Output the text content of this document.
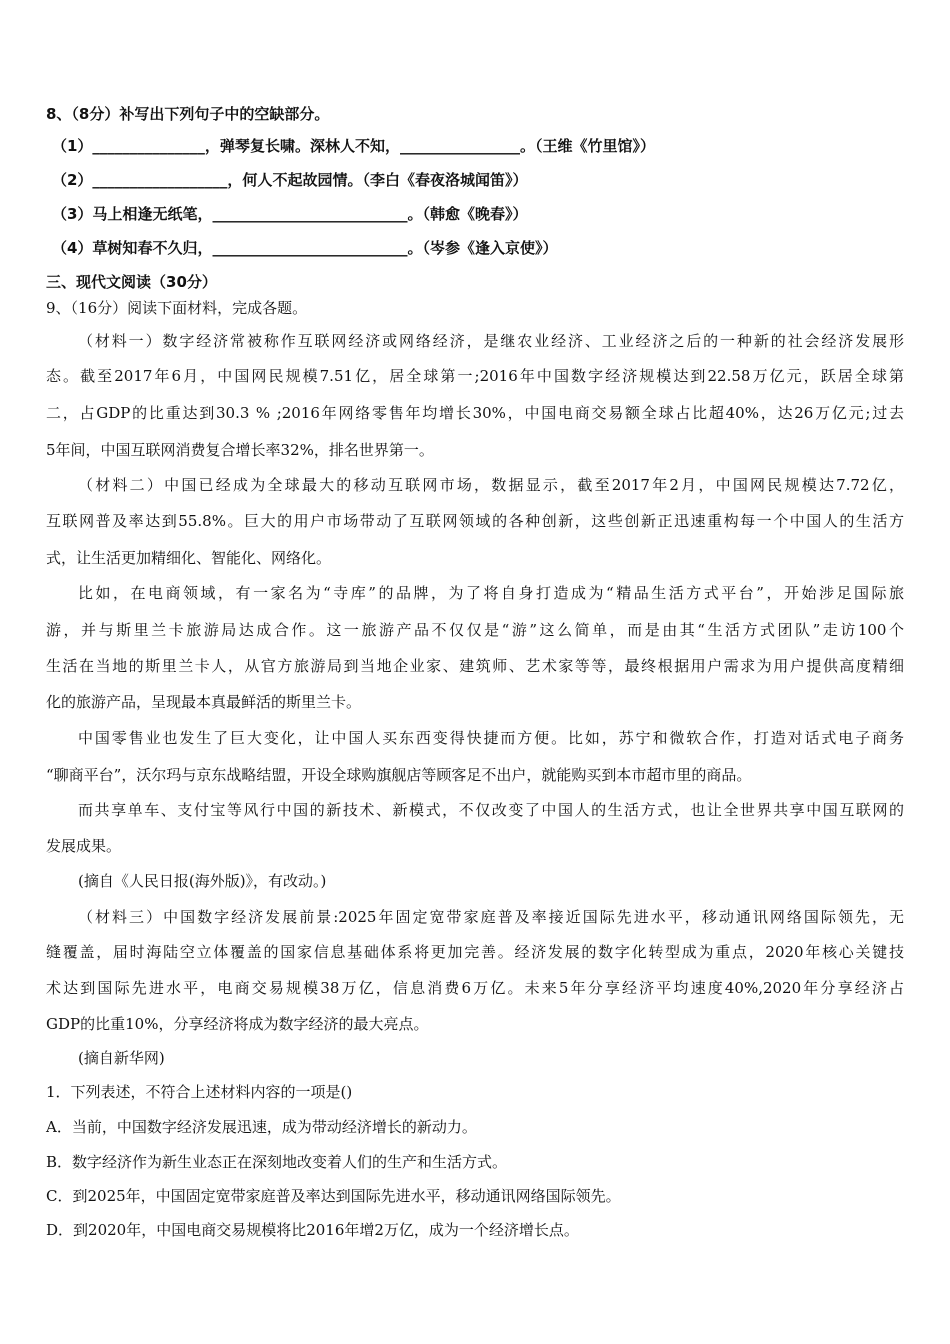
8、（8分）补写出下列句子中的空缺部分。
（1）_______________，弹琴复长啸。深林人不知，________________。（王维《竹里馆》）
（2）__________________，何人不起故园情。（李白《春夜洛城闻笛》）
（3）马上相逢无纸笔，__________________________。（韩愈《晚春》）
（4）草树知春不久归，__________________________。（岑参《逢入京使》）
三、现代文阅读（30分）
9、（16分）阅读下面材料，完成各题。
（材料一）数字经济常被称作互联网经济或网络经济，是继农业经济、工业经济之后的一种新的社会经济发展形
态。截至2017年6月，中国网民规模7.51亿，居全球第一;2016年中国数字经济规模达到22.58万亿元，跃居全球第
二，占GDP的比重达到30.3 % ;2016年网络零售年均增长30%，中国电商交易额全球占比超40%，达26万亿元;过去
5年间，中国互联网消费复合增长率32%，排名世界第一。
（材料二）中国已经成为全球最大的移动互联网市场，数据显示，截至2017年2月，中国网民规模达7.72亿，
互联网普及率达到55.8%。巨大的用户市场带动了互联网领域的各种创新，这些创新正迅速重构每一个中国人的生活方
式，让生活更加精细化、智能化、网络化。
比如，在电商领域，有一家名为“寺库”的品牌，为了将自身打造成为“精品生活方式平台”，开始涉足国际旅
游，并与斯里兰卡旅游局达成合作。这一旅游产品不仅仅是“游”这么简单，而是由其“生活方式团队”走访100个
生活在当地的斯里兰卡人，从官方旅游局到当地企业家、建筑师、艺术家等等，最终根据用户需求为用户提供高度精细
化的旅游产品，呈现最本真最鲜活的斯里兰卡。
中国零售业也发生了巨大变化，让中国人买东西变得快捷而方便。比如，苏宁和微软合作，打造对话式电子商务
“聊商平台”，沃尔玛与京东战略结盟，开设全球购旗舰店等顾客足不出户，就能购买到本市超市里的商品。
而共享单车、支付宝等风行中国的新技术、新模式，不仅改变了中国人的生活方式，也让全世界共享中国互联网的
发展成果。
(摘自《人民日报(海外版)》，有改动。)
（材料三）中国数字经济发展前景:2025年固定宽带家庭普及率接近国际先进水平，移动通讯网络国际领先，无
缝覆盖，届时海陆空立体覆盖的国家信息基础体系将更加完善。经济发展的数字化转型成为重点，2020年核心关键技
术达到国际先进水平，电商交易规模38万亿，信息消费6万亿。未来5年分享经济平均速度40%,2020年分享经济占
GDP的比重10%，分享经济将成为数字经济的最大亮点。
(摘自新华网)
1．下列表述，不符合上述材料内容的一项是()
A．当前，中国数字经济发展迅速，成为带动经济增长的新动力。
B．数字经济作为新生业态正在深刻地改变着人们的生产和生活方式。
C．到2025年，中国固定宽带家庭普及率达到国际先进水平，移动通讯网络国际领先。
D．到2020年，中国电商交易规模将比2016年增2万亿，成为一个经济增长点。
